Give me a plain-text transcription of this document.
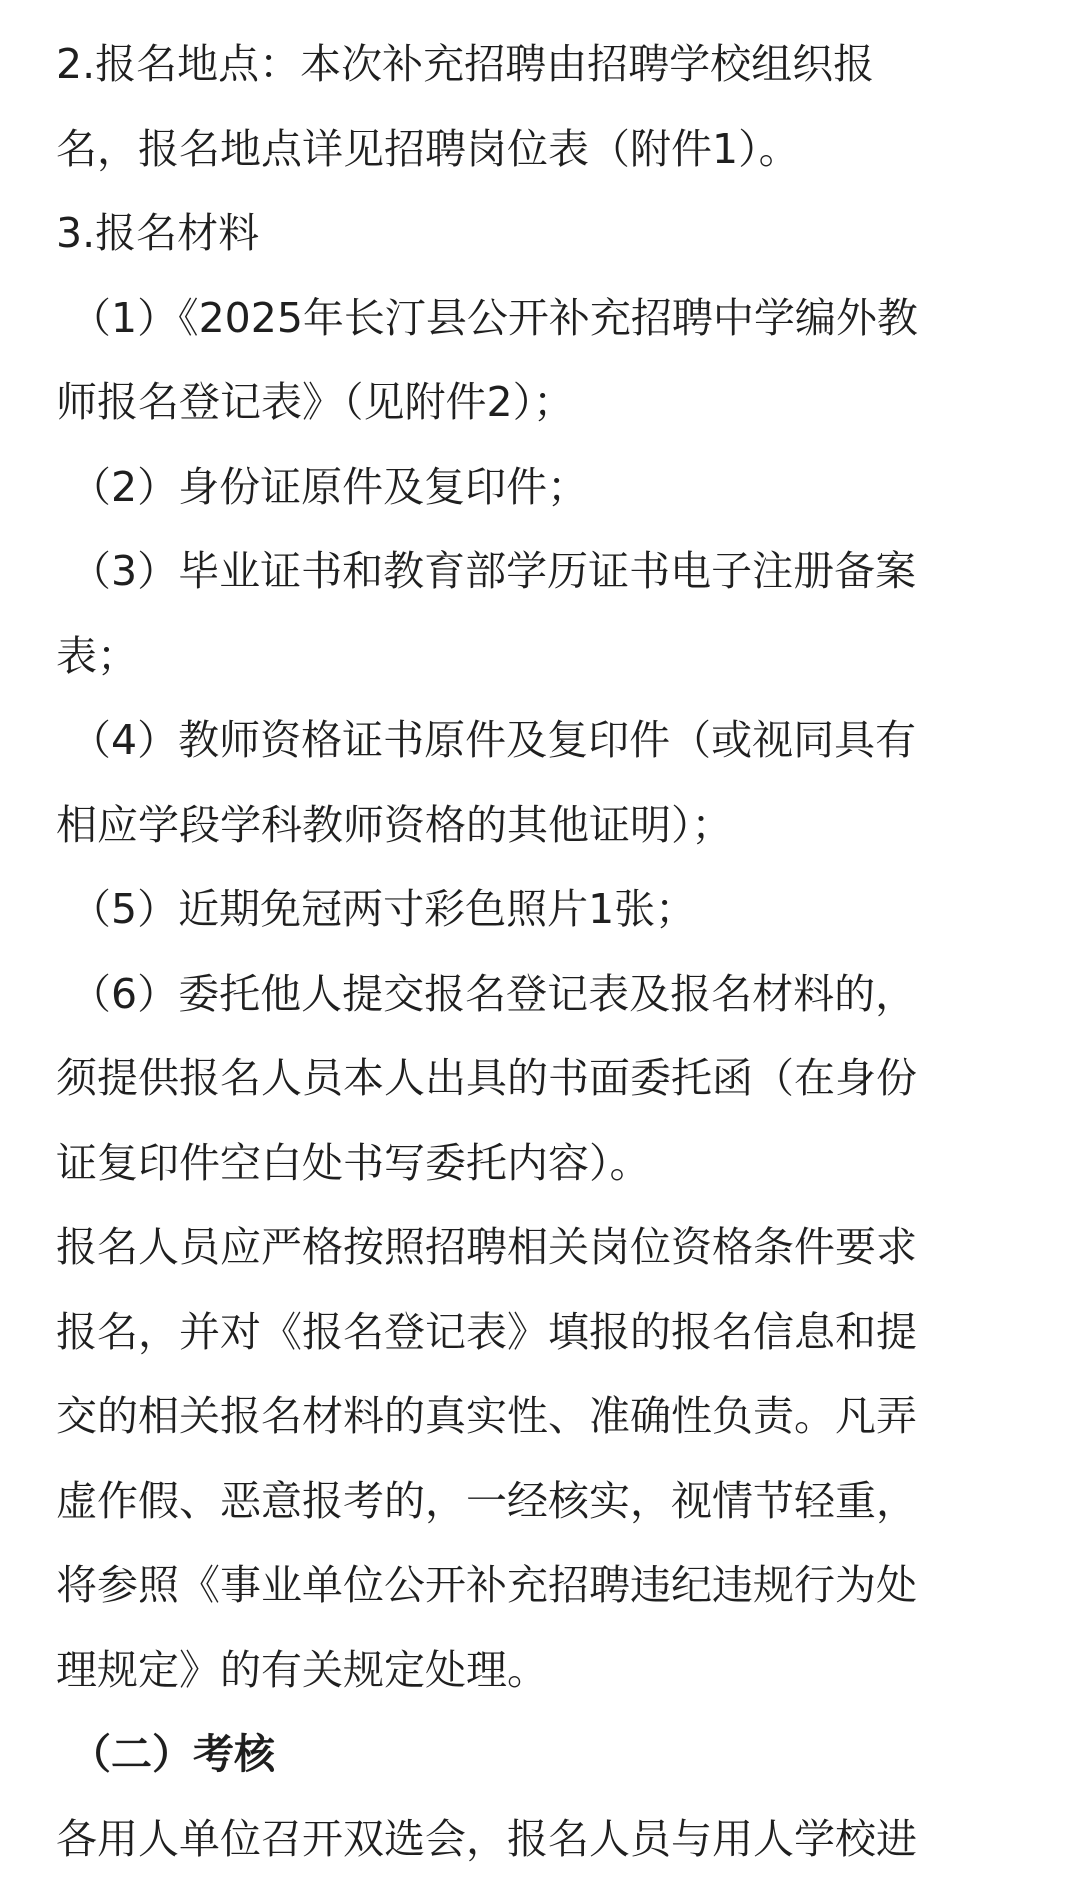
2.报名地点：本次补充招聘由招聘学校组织报
名，报名地点详见招聘岗位表（附件1）。
3.报名材料
（1）《2025年长汀县公开补充招聘中学编外教
师报名登记表》（见附件2）；
（2）身份证原件及复印件；
（3）毕业证书和教育部学历证书电子注册备案
表；
（4）教师资格证书原件及复印件（或视同具有
相应学段学科教师资格的其他证明）；
（5）近期免冠两寸彩色照片1张；
（6）委托他人提交报名登记表及报名材料的，
须提供报名人员本人出具的书面委托函（在身份
证复印件空白处书写委托内容）。
报名人员应严格按照招聘相关岗位资格条件要求
报名，并对《报名登记表》填报的报名信息和提
交的相关报名材料的真实性、准确性负责。凡弄
虚作假、恶意报考的，一经核实，视情节轻重，
将参照《事业单位公开补充招聘违纪违规行为处
理规定》的有关规定处理。
（二）考核
各用人单位召开双选会，报名人员与用人学校进
